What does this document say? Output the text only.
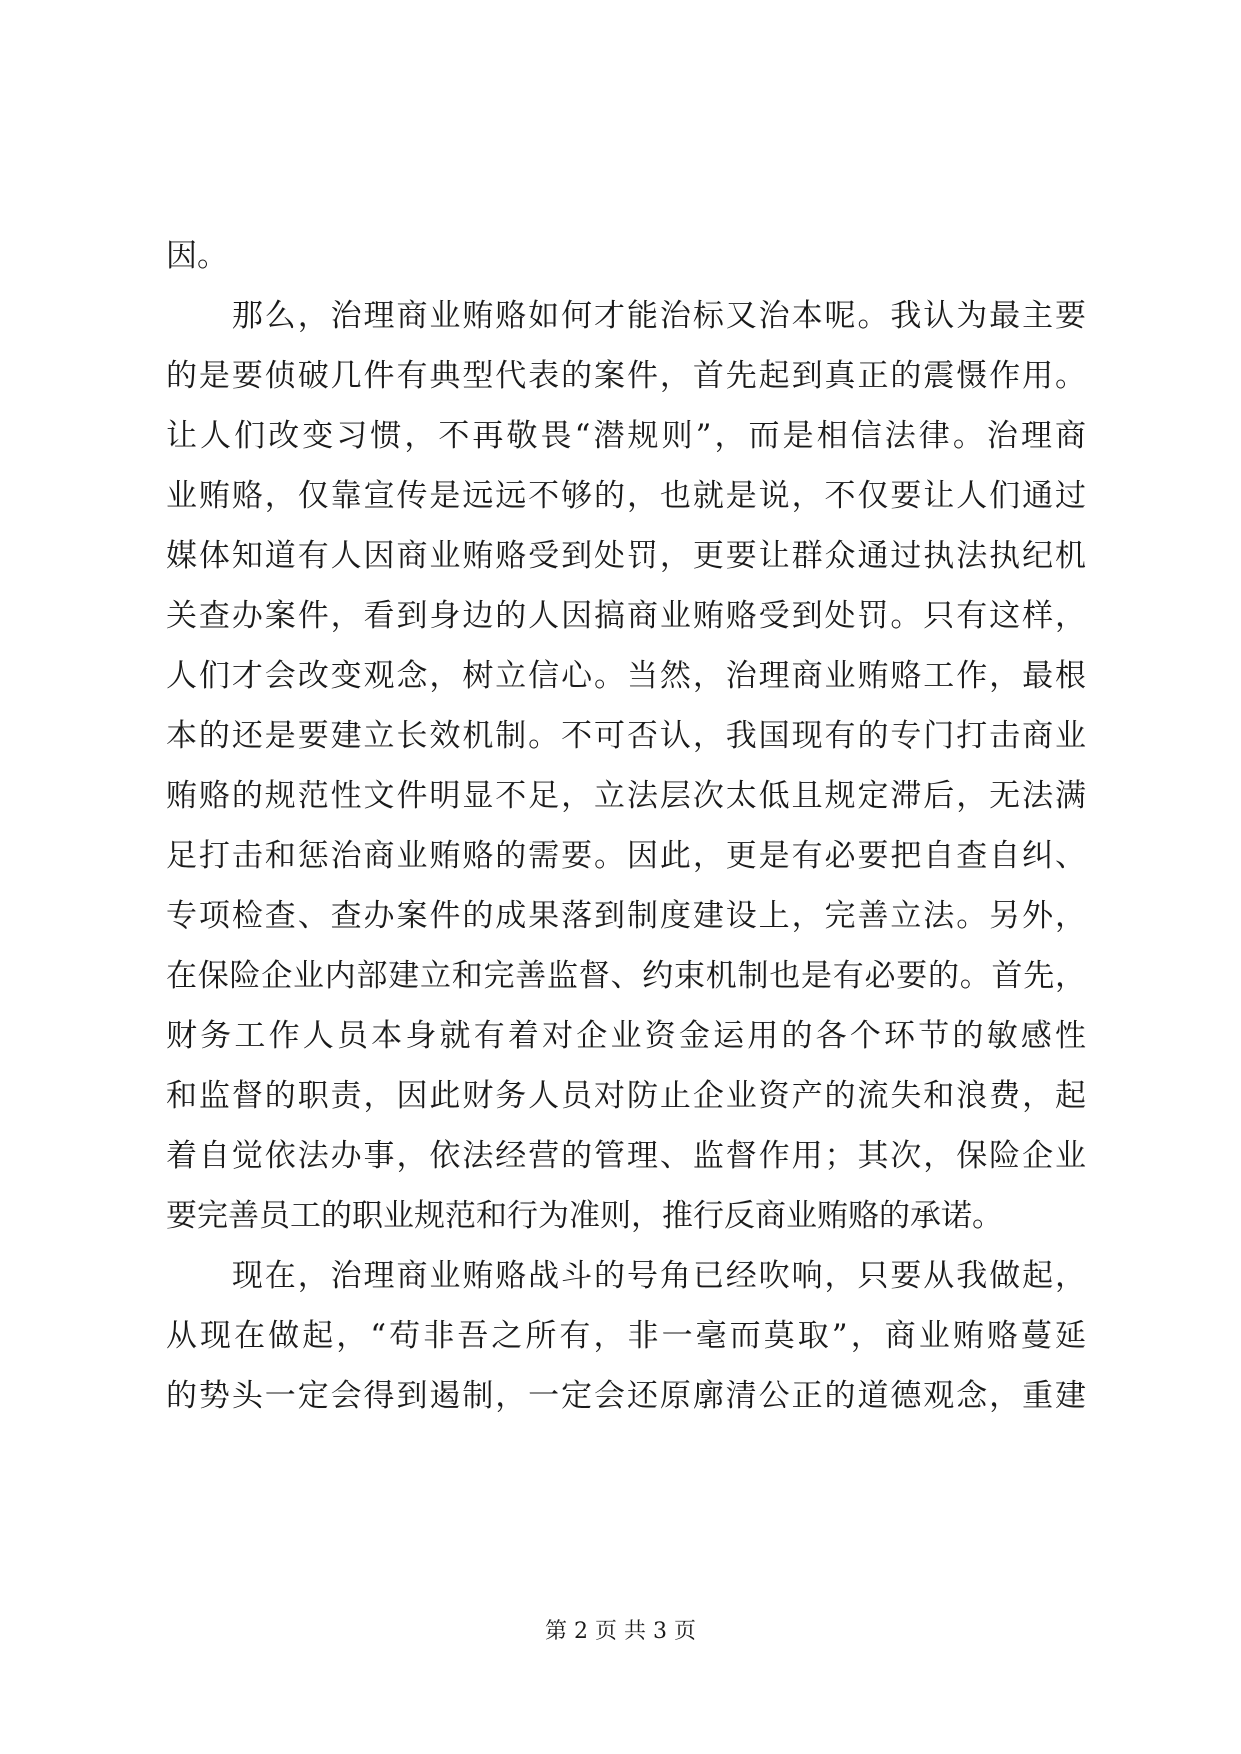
因。
　　那么，治理商业贿赂如何才能治标又治本呢。我认为最主要
的是要侦破几件有典型代表的案件，首先起到真正的震慑作用。
让人们改变习惯，不再敬畏“潜规则”，而是相信法律。治理商
业贿赂，仅靠宣传是远远不够的，也就是说，不仅要让人们通过
媒体知道有人因商业贿赂受到处罚，更要让群众通过执法执纪机
关查办案件，看到身边的人因搞商业贿赂受到处罚。只有这样，
人们才会改变观念，树立信心。当然，治理商业贿赂工作，最根
本的还是要建立长效机制。不可否认，我国现有的专门打击商业
贿赂的规范性文件明显不足，立法层次太低且规定滞后，无法满
足打击和惩治商业贿赂的需要。因此，更是有必要把自查自纠、
专项检查、查办案件的成果落到制度建设上，完善立法。另外，
在保险企业内部建立和完善监督、约束机制也是有必要的。首先，
财务工作人员本身就有着对企业资金运用的各个环节的敏感性
和监督的职责，因此财务人员对防止企业资产的流失和浪费，起
着自觉依法办事，依法经营的管理、监督作用；其次，保险企业
要完善员工的职业规范和行为准则，推行反商业贿赂的承诺。
　　现在，治理商业贿赂战斗的号角已经吹响，只要从我做起，
从现在做起，“苟非吾之所有，非一毫而莫取”，商业贿赂蔓延
的势头一定会得到遏制，一定会还原廓清公正的道德观念，重建
第 2 页 共 3 页
